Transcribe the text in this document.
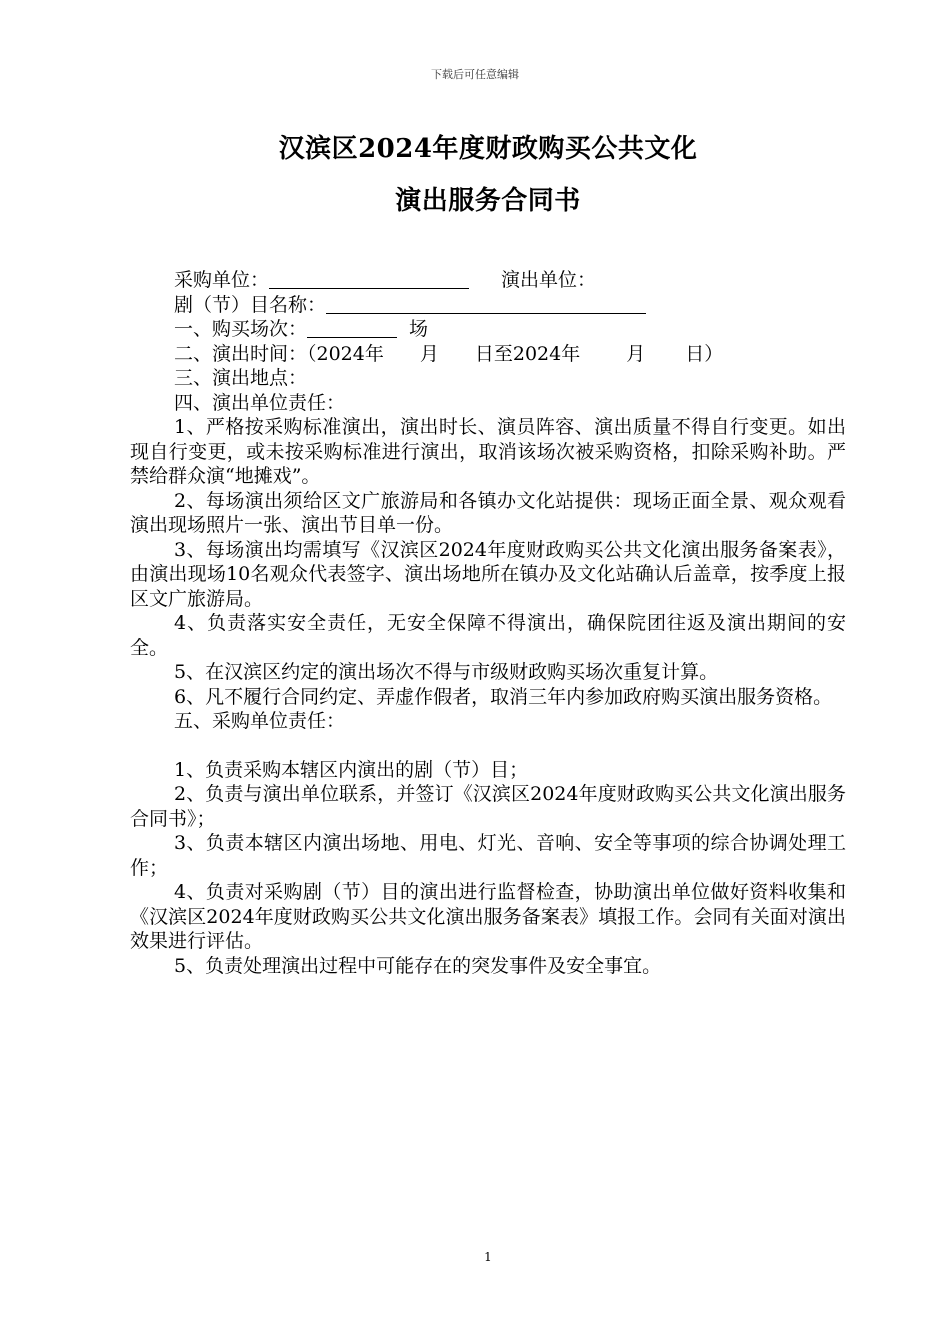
下载后可任意编辑
汉滨区2024年度财政购买公共文化
演出服务合同书
采购单位：	演出单位：
剧（节）目名称：
一、购买场次：	场
二、演出时间：（2024年 月 日至2024年 月 日）
三、演出地点：
四、演出单位责任：
1、严格按采购标准演出，演出时长、演员阵容、演出质量不得自行变更。如出现自行变更，或未按采购标准进行演出，取消该场次被采购资格，扣除采购补助。严禁给群众演“地摊戏”。
2、每场演出须给区文广旅游局和各镇办文化站提供：现场正面全景、观众观看演出现场照片一张、演出节目单一份。
3、每场演出均需填写《汉滨区2024年度财政购买公共文化演出服务备案表》，由演出现场10名观众代表签字、演出场地所在镇办及文化站确认后盖章，按季度上报区文广旅游局。
4、负责落实安全责任，无安全保障不得演出，确保院团往返及演出期间的安全。
5、在汉滨区约定的演出场次不得与市级财政购买场次重复计算。
6、凡不履行合同约定、弄虚作假者，取消三年内参加政府购买演出服务资格。
五、采购单位责任：
1、负责采购本辖区内演出的剧（节）目；
2、负责与演出单位联系，并签订《汉滨区2024年度财政购买公共文化演出服务合同书》；
3、负责本辖区内演出场地、用电、灯光、音响、安全等事项的综合协调处理工作；
4、负责对采购剧（节）目的演出进行监督检查，协助演出单位做好资料收集和《汉滨区2024年度财政购买公共文化演出服务备案表》填报工作。会同有关面对演出效果进行评估。
5、负责处理演出过程中可能存在的突发事件及安全事宜。
1
